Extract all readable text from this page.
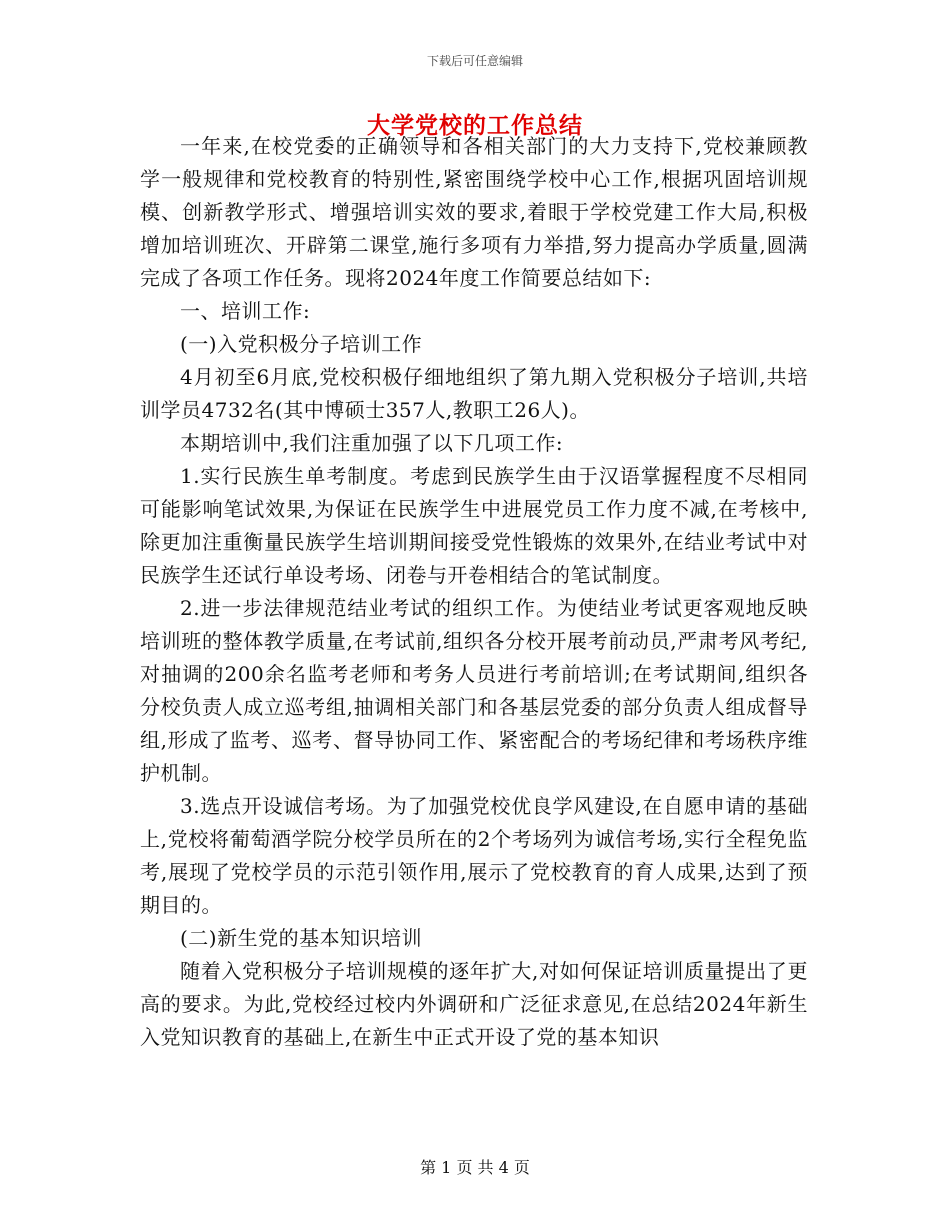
下载后可任意编辑
大学党校的工作总结

一年来,在校党委的正确领导和各相关部门的大力支持下,党校兼顾教学一般规律和党校教育的特别性,紧密围绕学校中心工作,根据巩固培训规模、创新教学形式、增强培训实效的要求,着眼于学校党建工作大局,积极增加培训班次、开辟第二课堂,施行多项有力举措,努力提高办学质量,圆满完成了各项工作任务。现将2024年度工作简要总结如下:

一、培训工作:

(一)入党积极分子培训工作

4月初至6月底,党校积极仔细地组织了第九期入党积极分子培训,共培训学员4732名(其中博硕士357人,教职工26人)。

本期培训中,我们注重加强了以下几项工作:

1.实行民族生单考制度。考虑到民族学生由于汉语掌握程度不尽相同可能影响笔试效果,为保证在民族学生中进展党员工作力度不减,在考核中,除更加注重衡量民族学生培训期间接受党性锻炼的效果外,在结业考试中对民族学生还试行单设考场、闭卷与开卷相结合的笔试制度。

2.进一步法律规范结业考试的组织工作。为使结业考试更客观地反映培训班的整体教学质量,在考试前,组织各分校开展考前动员,严肃考风考纪,对抽调的200余名监考老师和考务人员进行考前培训;在考试期间,组织各分校负责人成立巡考组,抽调相关部门和各基层党委的部分负责人组成督导组,形成了监考、巡考、督导协同工作、紧密配合的考场纪律和考场秩序维护机制。

3.选点开设诚信考场。为了加强党校优良学风建设,在自愿申请的基础上,党校将葡萄酒学院分校学员所在的2个考场列为诚信考场,实行全程免监考,展现了党校学员的示范引领作用,展示了党校教育的育人成果,达到了预期目的。

(二)新生党的基本知识培训

随着入党积极分子培训规模的逐年扩大,对如何保证培训质量提出了更高的要求。为此,党校经过校内外调研和广泛征求意见,在总结2024年新生入党知识教育的基础上,在新生中正式开设了党的基本知识

第 1 页 共 4 页
